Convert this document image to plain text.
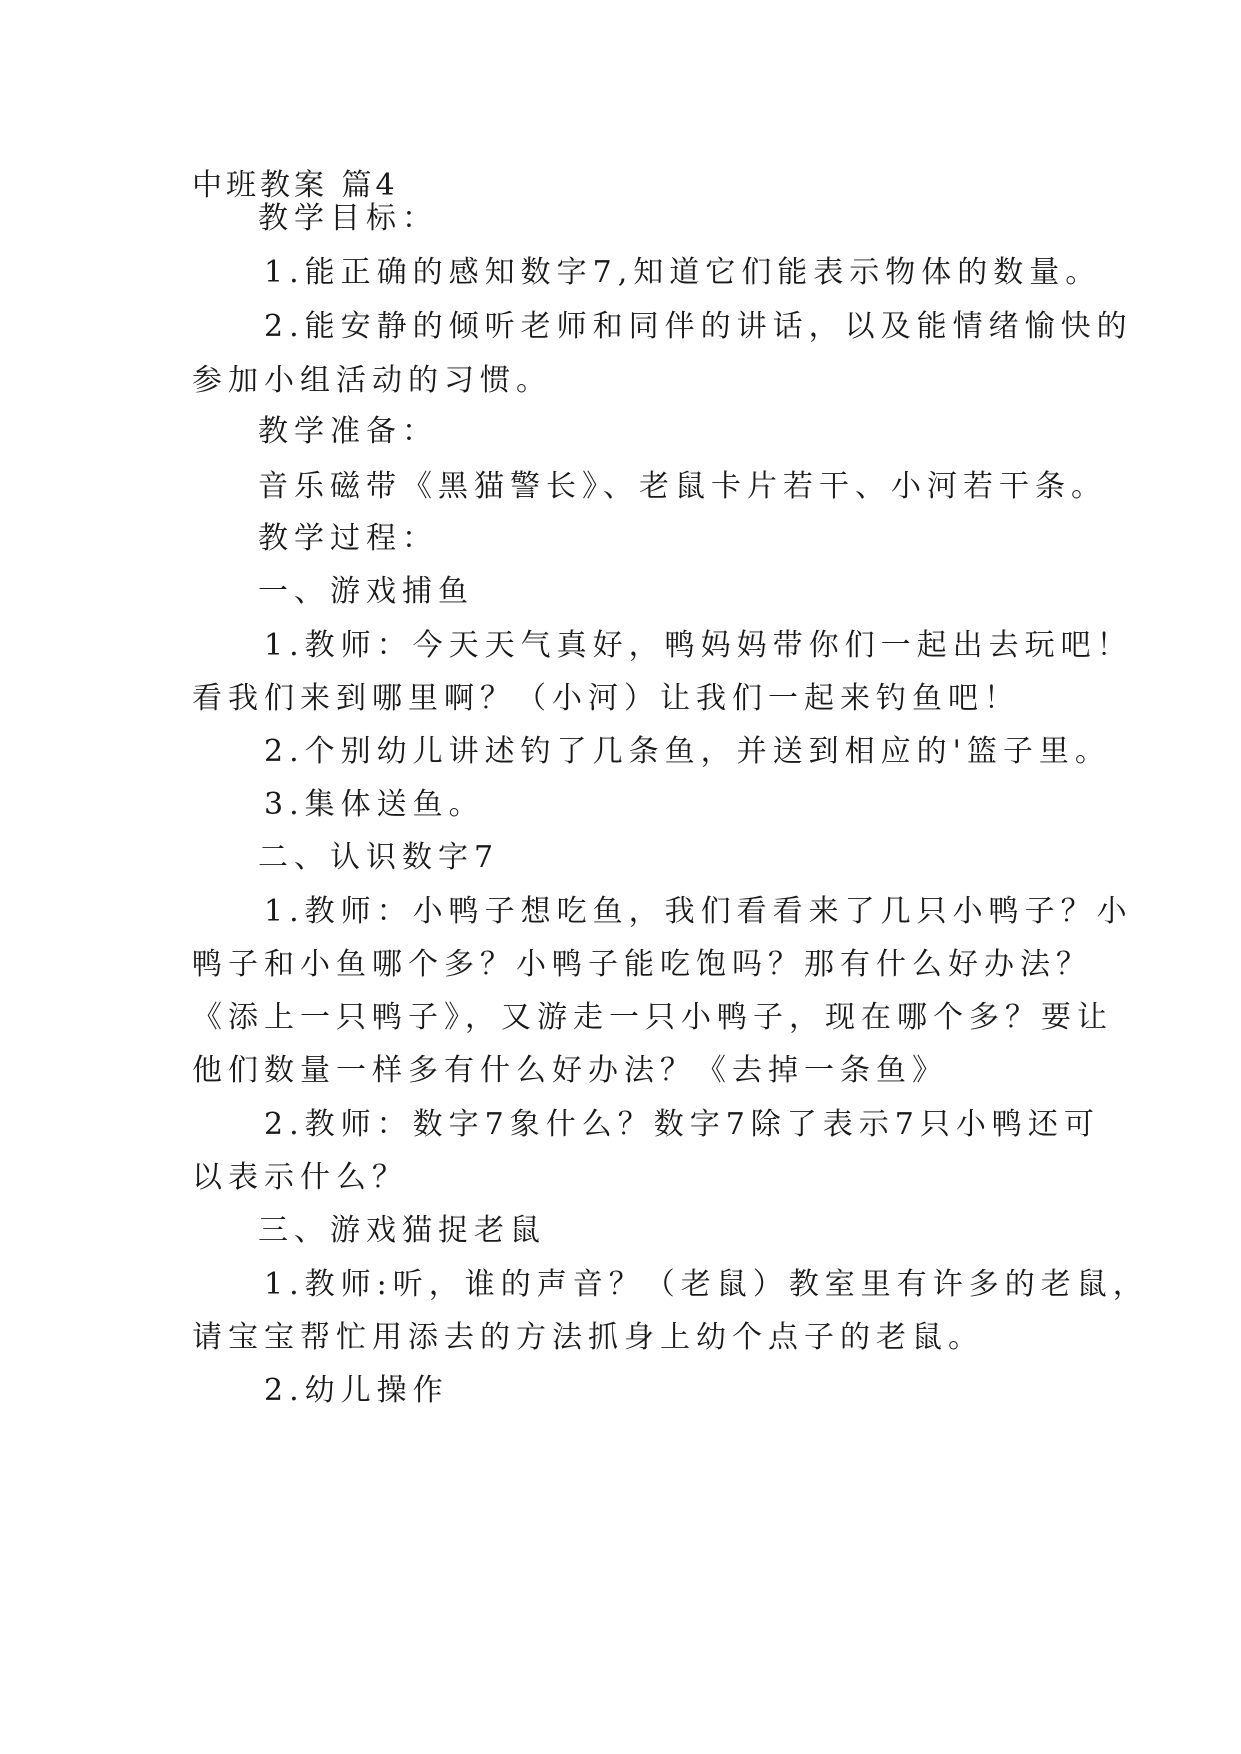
中班教案 篇4
教学目标：
1.能正确的感知数字7,知道它们能表示物体的数量。
2.能安静的倾听老师和同伴的讲话，以及能情绪愉快的
参加小组活动的习惯。
教学准备：
音乐磁带《黑猫警长》、老鼠卡片若干、小河若干条。
教学过程：
一、游戏捕鱼
1.教师：今天天气真好，鸭妈妈带你们一起出去玩吧！
看我们来到哪里啊？（小河）让我们一起来钓鱼吧！
2.个别幼儿讲述钓了几条鱼，并送到相应的'篮子里。
3.集体送鱼。
二、认识数字7
1.教师：小鸭子想吃鱼，我们看看来了几只小鸭子？小
鸭子和小鱼哪个多？小鸭子能吃饱吗？那有什么好办法？
《添上一只鸭子》，又游走一只小鸭子，现在哪个多？要让
他们数量一样多有什么好办法？《去掉一条鱼》
2.教师：数字7象什么？数字7除了表示7只小鸭还可
以表示什么？
三、游戏猫捉老鼠
1.教师:听，谁的声音？（老鼠）教室里有许多的老鼠，
请宝宝帮忙用添去的方法抓身上幼个点子的老鼠。
2.幼儿操作
